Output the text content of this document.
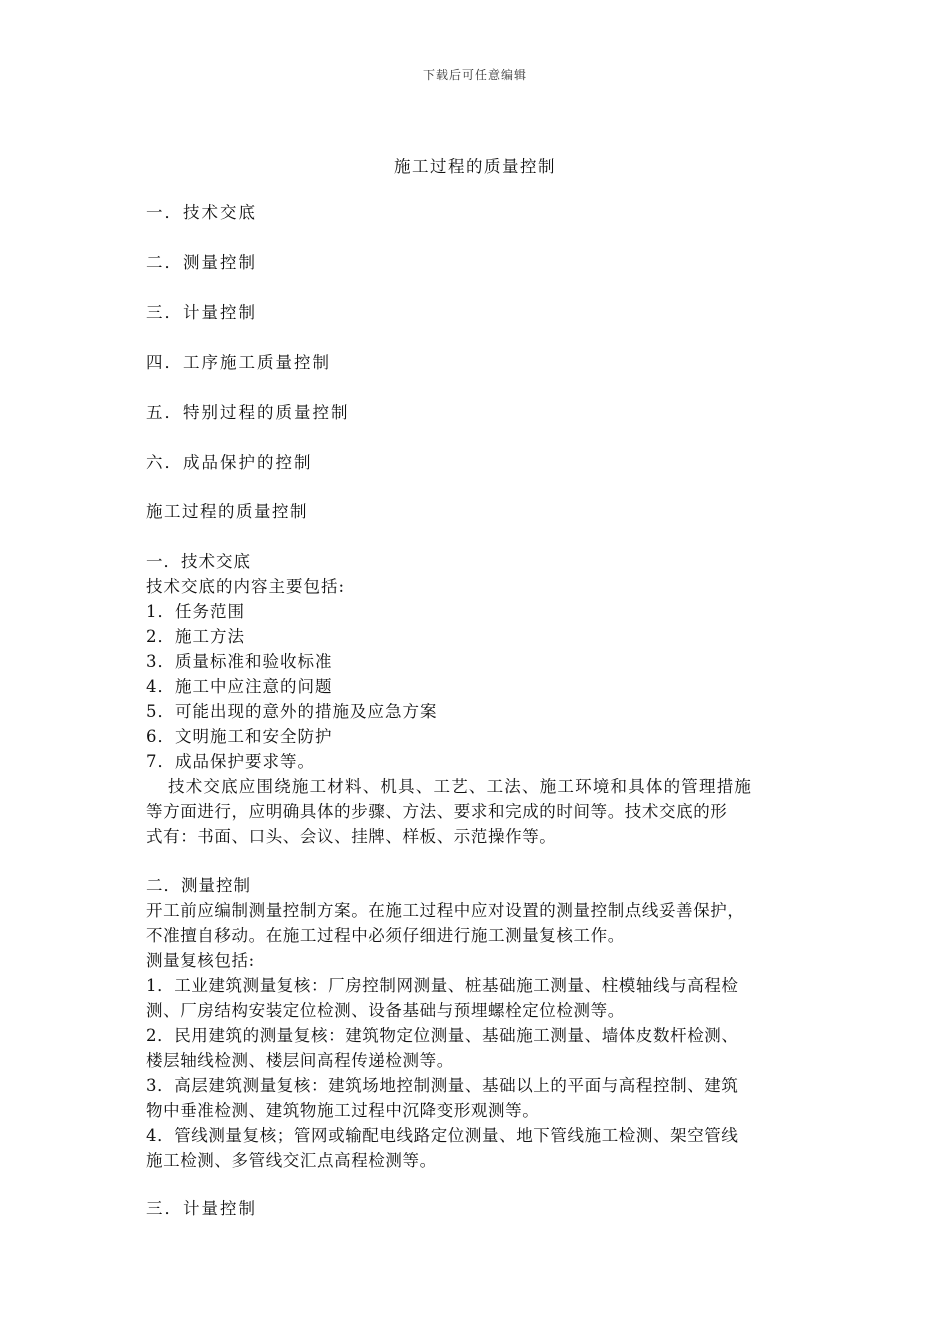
下载后可任意编辑
施工过程的质量控制
一．技术交底
二．测量控制
三．计量控制
四．工序施工质量控制
五．特别过程的质量控制
六．成品保护的控制
施工过程的质量控制

一．技术交底

技术交底的内容主要包括:

1．任务范围

2．施工方法

3．质量标准和验收标准

4．施工中应注意的问题

5．可能出现的意外的措施及应急方案

6．文明施工和安全防护

7．成品保护要求等。

技术交底应围绕施工材料、机具、工艺、工法、施工环境和具体的管理措施

等方面进行，应明确具体的步骤、方法、要求和完成的时间等。技术交底的形

式有：书面、口头、会议、挂牌、样板、示范操作等。

二．测量控制

开工前应编制测量控制方案。在施工过程中应对设置的测量控制点线妥善保护，

不准擅自移动。在施工过程中必须仔细进行施工测量复核工作。

测量复核包括:

1．工业建筑测量复核：厂房控制网测量、桩基础施工测量、柱模轴线与高程检

测、厂房结构安装定位检测、设备基础与预埋螺栓定位检测等。

2．民用建筑的测量复核：建筑物定位测量、基础施工测量、墙体皮数杆检测、

楼层轴线检测、楼层间高程传递检测等。

3．高层建筑测量复核：建筑场地控制测量、基础以上的平面与高程控制、建筑

物中垂准检测、建筑物施工过程中沉降变形观测等。

4．管线测量复核；管网或输配电线路定位测量、地下管线施工检测、架空管线

施工检测、多管线交汇点高程检测等。

三．计量控制
